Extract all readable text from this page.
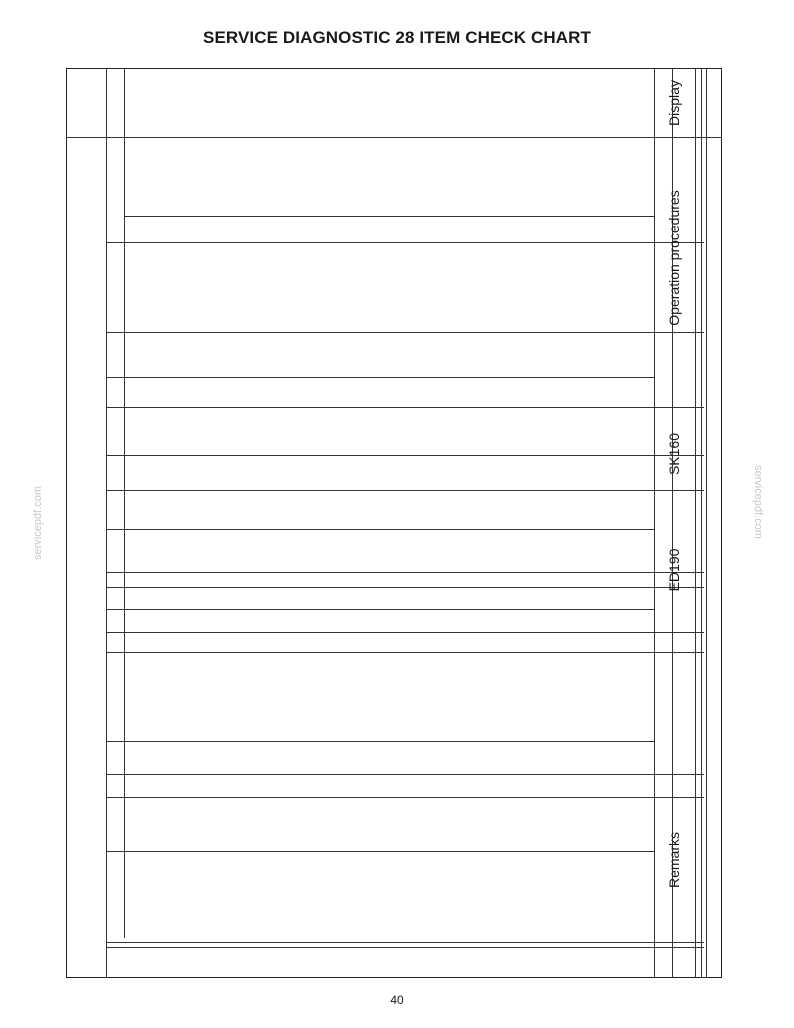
SERVICE DIAGNOSTIC 28 ITEM CHECK CHART
servicepdf.com	servicepdf.com
Display
Operation procedures
SK160
ED190
Remarks
40
